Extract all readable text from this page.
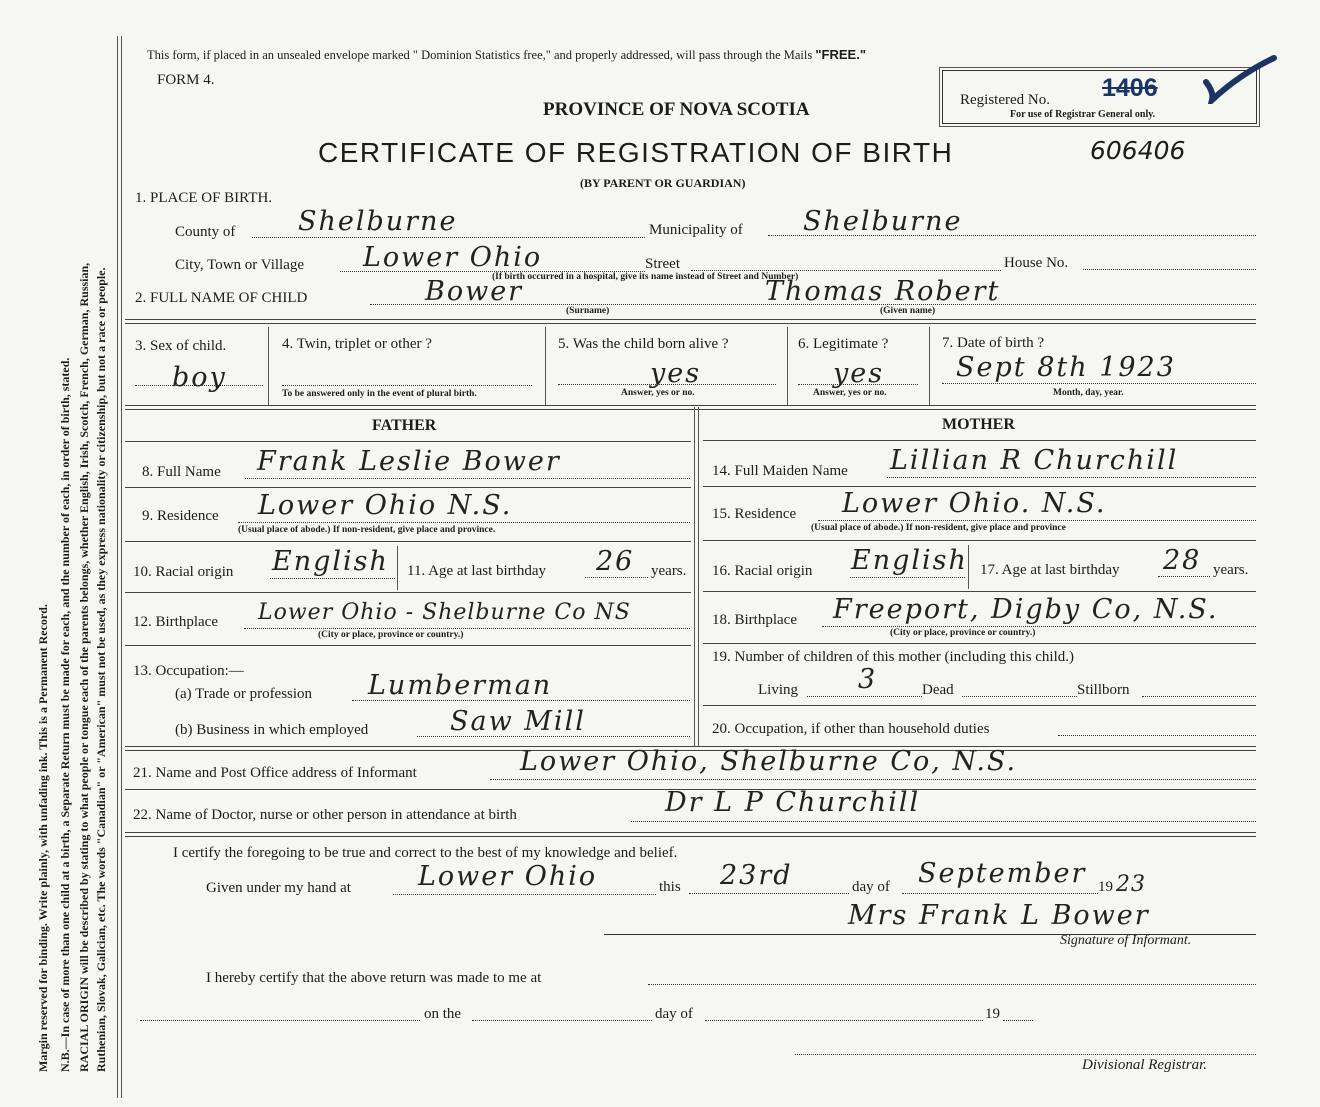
Margin reserved for binding. Write plainly, with unfading ink. This is a Permanent Record. N.B.—In case of more than one child at a birth, a Separate Return must be made for each, and the number of each, in order of birth, stated. RACIAL ORIGIN will be described by stating to what people or tongue each of the parents belongs, whether English, Irish, Scotch, French, German, Russian, Ruthenian, Slovak, Galician, etc. The words "Canadian" or "American" must not be used, as they express nationality or citizenship, but not a race or people.
This form, if placed in an unsealed envelope marked " Dominion Statistics free," and properly addressed, will pass through the Mails "FREE."
FORM 4.
Registered No. 1406
For use of Registrar General only.
PROVINCE OF NOVA SCOTIA
CERTIFICATE OF REGISTRATION OF BIRTH	606406
(BY PARENT OR GUARDIAN)
1. PLACE OF BIRTH.
County of Shelburne	Municipality of Shelburne
City, Town or Village Lower Ohio	Street	House No.
(If birth occurred in a hospital, give its name instead of Street and Number)
2. FULL NAME OF CHILD	Bower	Thomas Robert
(Surname)	(Given name)
3. Sex of child.
boy
4. Twin, triplet or other ?
To be answered only in the event of plural birth.
5. Was the child born alive ?
yes
Answer, yes or no.
6. Legitimate ?
yes
Answer, yes or no.
7. Date of birth ?
Sept 8th 1923
Month, day, year.
FATHER
8. Full Name Frank Leslie Bower
9. Residence Lower Ohio N.S.
(Usual place of abode.) If non-resident, give place and province.
10. Racial origin English 11. Age at last birthday 26 years.
12. Birthplace Lower Ohio - Shelburne Co NS
(City or place, province or country.)
13. Occupation:—
(a) Trade or profession Lumberman
(b) Business in which employed	Saw Mill
MOTHER
14. Full Maiden Name Lillian R Churchill
15. Residence Lower Ohio. N.S.
(Usual place of abode.) If non-resident, give place and province
16. Racial origin English 17. Age at last birthday 28 years.
18. Birthplace Freeport, Digby Co, N.S.
(City or place, province or country.)
19. Number of children of this mother (including this child.)
Living 3	Dead	Stillborn
20. Occupation, if other than household duties
21. Name and Post Office address of Informant	Lower Ohio, Shelburne Co, N.S.
22. Name of Doctor, nurse or other person in attendance at birth	Dr L P Churchill
I certify the foregoing to be true and correct to the best of my knowledge and belief.
Given under my hand at Lower Ohio	this 23rd	day of September 19 23
Mrs Frank L Bower
Signature of Informant.
I hereby certify that the above return was made to me at
on the	day of	19
Divisional Registrar.
